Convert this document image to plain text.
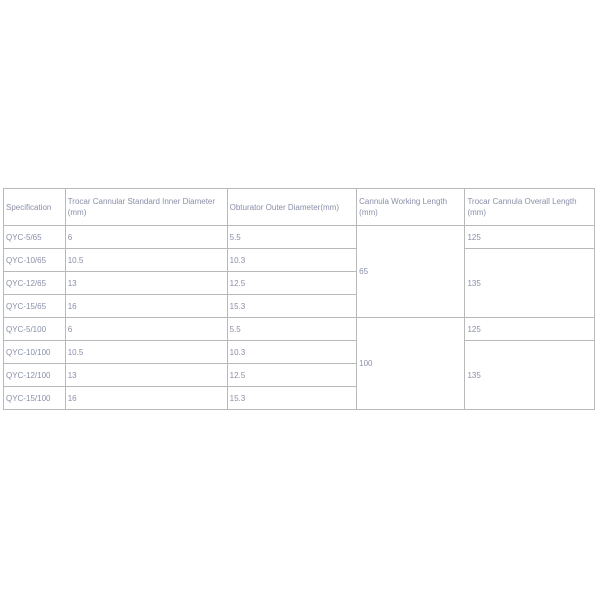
Specification	Trocar Cannular Standard Inner Diameter (mm)	Obturator Outer Diameter(mm)	Cannula Working Length (mm)	Trocar Cannula Overall Length (mm)
QYC-5/65	6	5.5	65	125
QYC-10/65	10.5	10.3		135
QYC-12/65	13	12.5		
QYC-15/65	16	15.3		
QYC-5/100	6	5.5	100	125
QYC-10/100	10.5	10.3		135
QYC-12/100	13	12.5		
QYC-15/100	16	15.3		
